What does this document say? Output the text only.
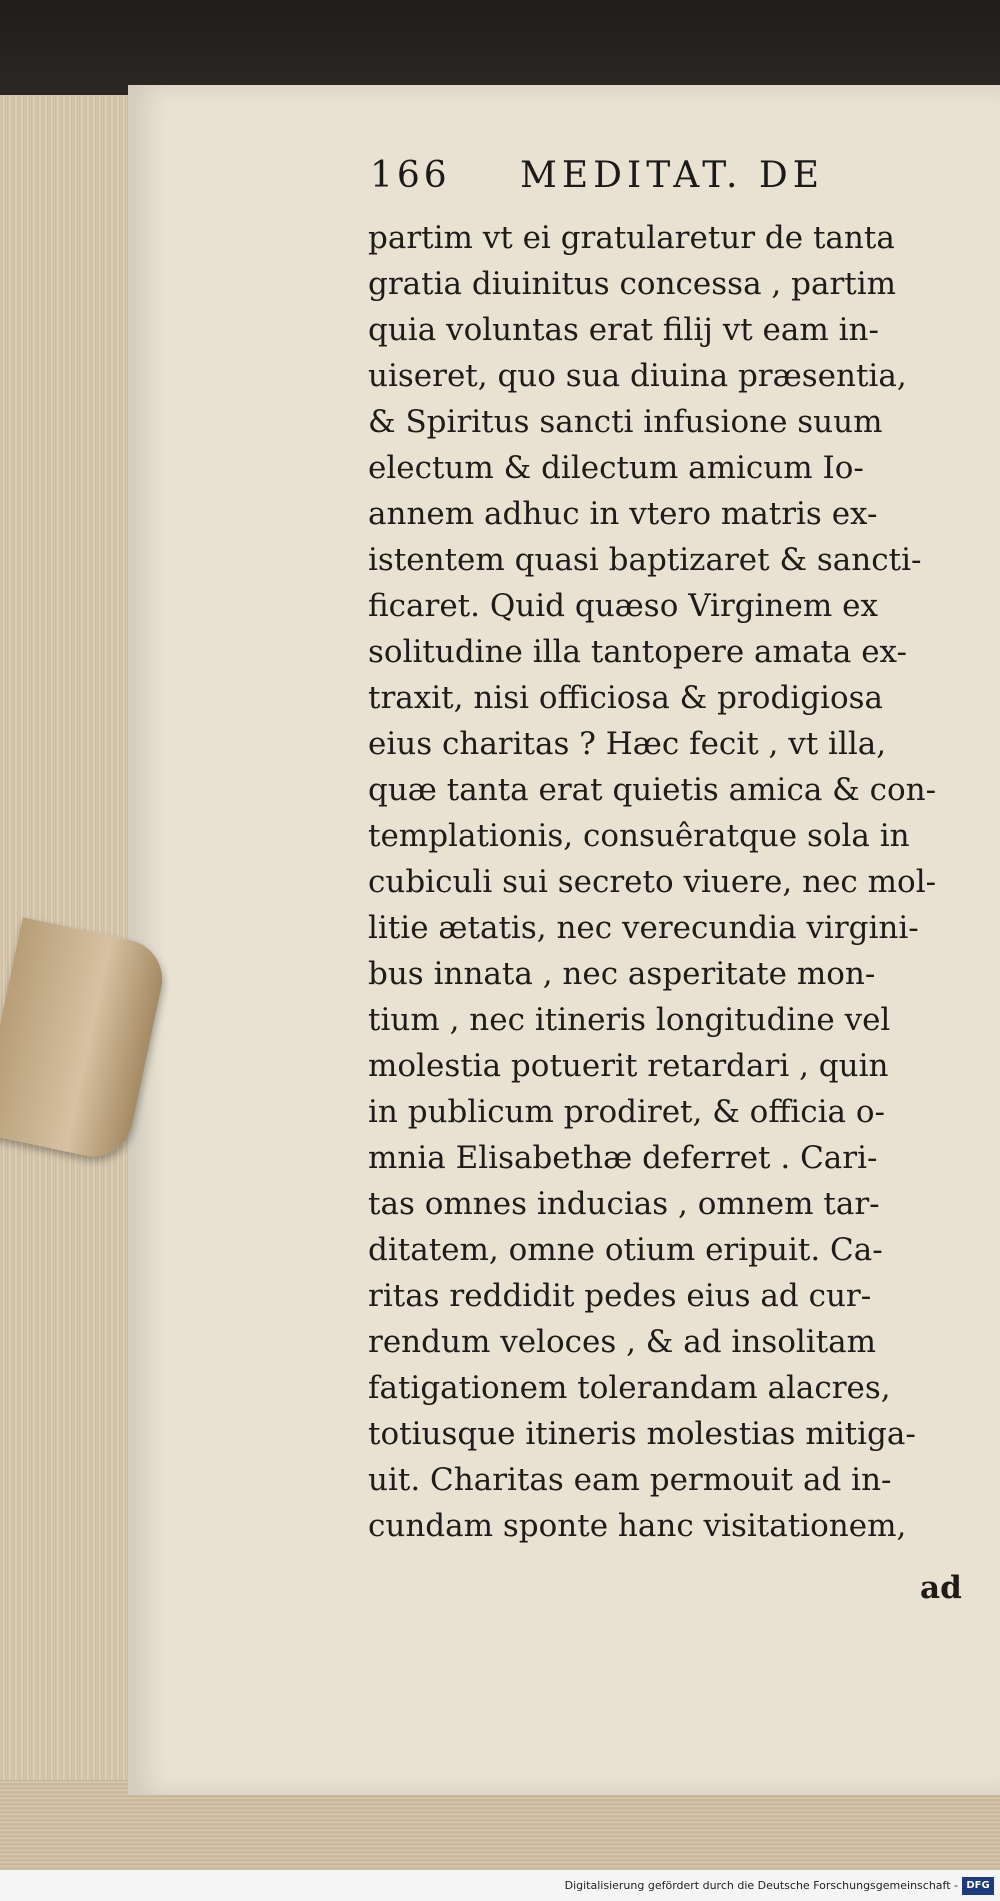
166 MEDITAT. DE
partim vt ei gratularetur de tanta
gratia diuinitus concessa , partim
quia voluntas erat filij vt eam in-
uiseret, quo sua diuina præsentia,
& Spiritus sancti infusione suum
electum & dilectum amicum Io-
annem adhuc in vtero matris ex-
istentem quasi baptizaret & sancti-
ficaret. Quid quæso Virginem ex
solitudine illa tantopere amata ex-
traxit, nisi officiosa & prodigiosa
eius charitas ? Hæc fecit , vt illa,
quæ tanta erat quietis amica & con-
templationis, consuêratque sola in
cubiculi sui secreto viuere, nec mol-
litie ætatis, nec verecundia virgini-
bus innata , nec asperitate mon-
tium , nec itineris longitudine vel
molestia potuerit retardari , quin
in publicum prodiret, & officia o-
mnia Elisabethæ deferret . Cari-
tas omnes inducias , omnem tar-
ditatem, omne otium eripuit. Ca-
ritas reddidit pedes eius ad cur-
rendum veloces , & ad insolitam
fatigationem tolerandam alacres,
totiusque itineris molestias mitiga-
uit. Charitas eam permouit ad in-
cundam sponte hanc visitationem,
ad
Digitalisierung gefördert durch die Deutsche Forschungsgemeinschaft - DFG
